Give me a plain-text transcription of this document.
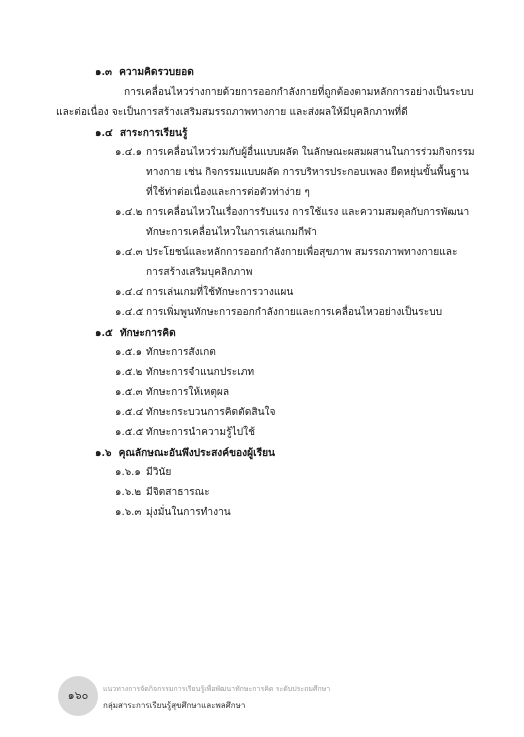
๑.๓ ความคิดรวบยอด
การเคลื่อนไหวร่างกายด้วยการออกกำลังกายที่ถูกต้องตามหลักการอย่างเป็นระบบ
และต่อเนื่อง จะเป็นการสร้างเสริมสมรรถภาพทางกาย และส่งผลให้มีบุคลิกภาพที่ดี
๑.๔ สาระการเรียนรู้
๑.๔.๑ การเคลื่อนไหวร่วมกับผู้อื่นแบบผลัด ในลักษณะผสมผสานในการร่วมกิจกรรม
ทางกาย เช่น กิจกรรมแบบผลัด การบริหารประกอบเพลง ยืดหยุ่นขั้นพื้นฐาน
ที่ใช้ท่าต่อเนื่องและการต่อตัวท่าง่าย ๆ
๑.๔.๒ การเคลื่อนไหวในเรื่องการรับแรง การใช้แรง และความสมดุลกับการพัฒนา
ทักษะการเคลื่อนไหวในการเล่นเกมกีฬา
๑.๔.๓ ประโยชน์และหลักการออกกำลังกายเพื่อสุขภาพ สมรรถภาพทางกายและ
การสร้างเสริมบุคลิกภาพ
๑.๔.๔ การเล่นเกมที่ใช้ทักษะการวางแผน
๑.๔.๕ การเพิ่มพูนทักษะการออกกำลังกายและการเคลื่อนไหวอย่างเป็นระบบ
๑.๕ ทักษะการคิด
๑.๕.๑ ทักษะการสังเกต
๑.๕.๒ ทักษะการจำแนกประเภท
๑.๕.๓ ทักษะการให้เหตุผล
๑.๕.๔ ทักษะกระบวนการคิดตัดสินใจ
๑.๕.๕ ทักษะการนำความรู้ไปใช้
๑.๖ คุณลักษณะอันพึงประสงค์ของผู้เรียน
๑.๖.๑ มีวินัย
๑.๖.๒ มีจิตสาธารณะ
๑.๖.๓ มุ่งมั่นในการทำงาน
๑๖๐	แนวทางการจัดกิจกรรมการเรียนรู้เพื่อพัฒนาทักษะการคิด ระดับประถมศึกษา
กลุ่มสาระการเรียนรู้สุขศึกษาและพลศึกษา
